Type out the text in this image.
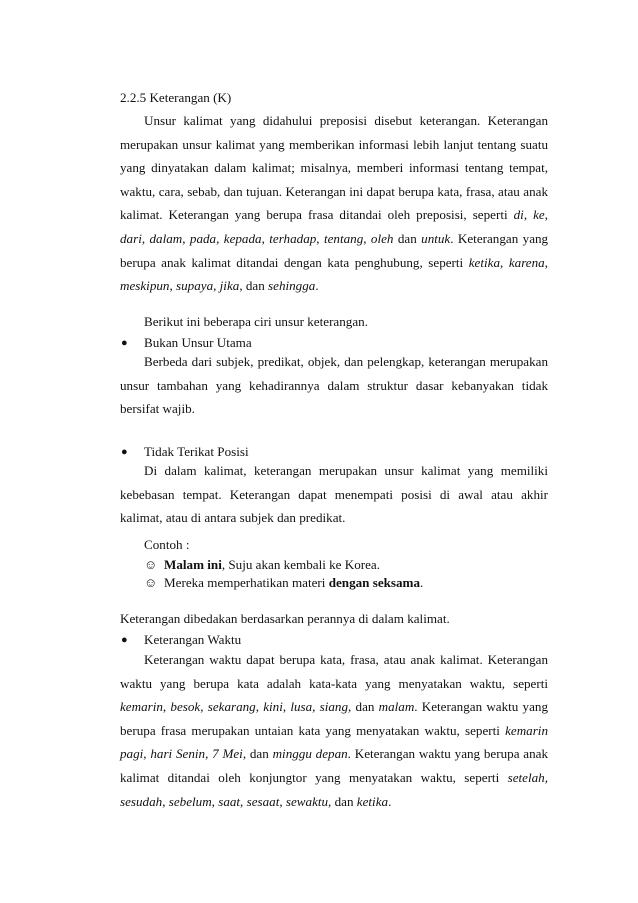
2.2.5 Keterangan (K)

Unsur kalimat yang didahului preposisi disebut keterangan. Keterangan merupakan unsur kalimat yang memberikan informasi lebih lanjut tentang suatu yang dinyatakan dalam kalimat; misalnya, memberi informasi tentang tempat, waktu, cara, sebab, dan tujuan. Keterangan ini dapat berupa kata, frasa, atau anak kalimat. Keterangan yang berupa frasa ditandai oleh preposisi, seperti di, ke, dari, dalam, pada, kepada, terhadap, tentang, oleh dan untuk. Keterangan yang berupa anak kalimat ditandai dengan kata penghubung, seperti ketika, karena, meskipun, supaya, jika, dan sehingga.

Berikut ini beberapa ciri unsur keterangan.
● Bukan Unsur Utama

Berbeda dari subjek, predikat, objek, dan pelengkap, keterangan merupakan unsur tambahan yang kehadirannya dalam struktur dasar kebanyakan tidak bersifat wajib.

● Tidak Terikat Posisi

Di dalam kalimat, keterangan merupakan unsur kalimat yang memiliki kebebasan tempat. Keterangan dapat menempati posisi di awal atau akhir kalimat, atau di antara subjek dan predikat.

Contoh :
☺ Malam ini, Suju akan kembali ke Korea.
☺ Mereka memperhatikan materi dengan seksama.
Keterangan dibedakan berdasarkan perannya di dalam kalimat.
● Keterangan Waktu

Keterangan waktu dapat berupa kata, frasa, atau anak kalimat. Keterangan waktu yang berupa kata adalah kata-kata yang menyatakan waktu, seperti kemarin, besok, sekarang, kini, lusa, siang, dan malam. Keterangan waktu yang berupa frasa merupakan untaian kata yang menyatakan waktu, seperti kemarin pagi, hari Senin, 7 Mei, dan minggu depan. Keterangan waktu yang berupa anak kalimat ditandai oleh konjungtor yang menyatakan waktu, seperti setelah, sesudah, sebelum, saat, sesaat, sewaktu, dan ketika.
